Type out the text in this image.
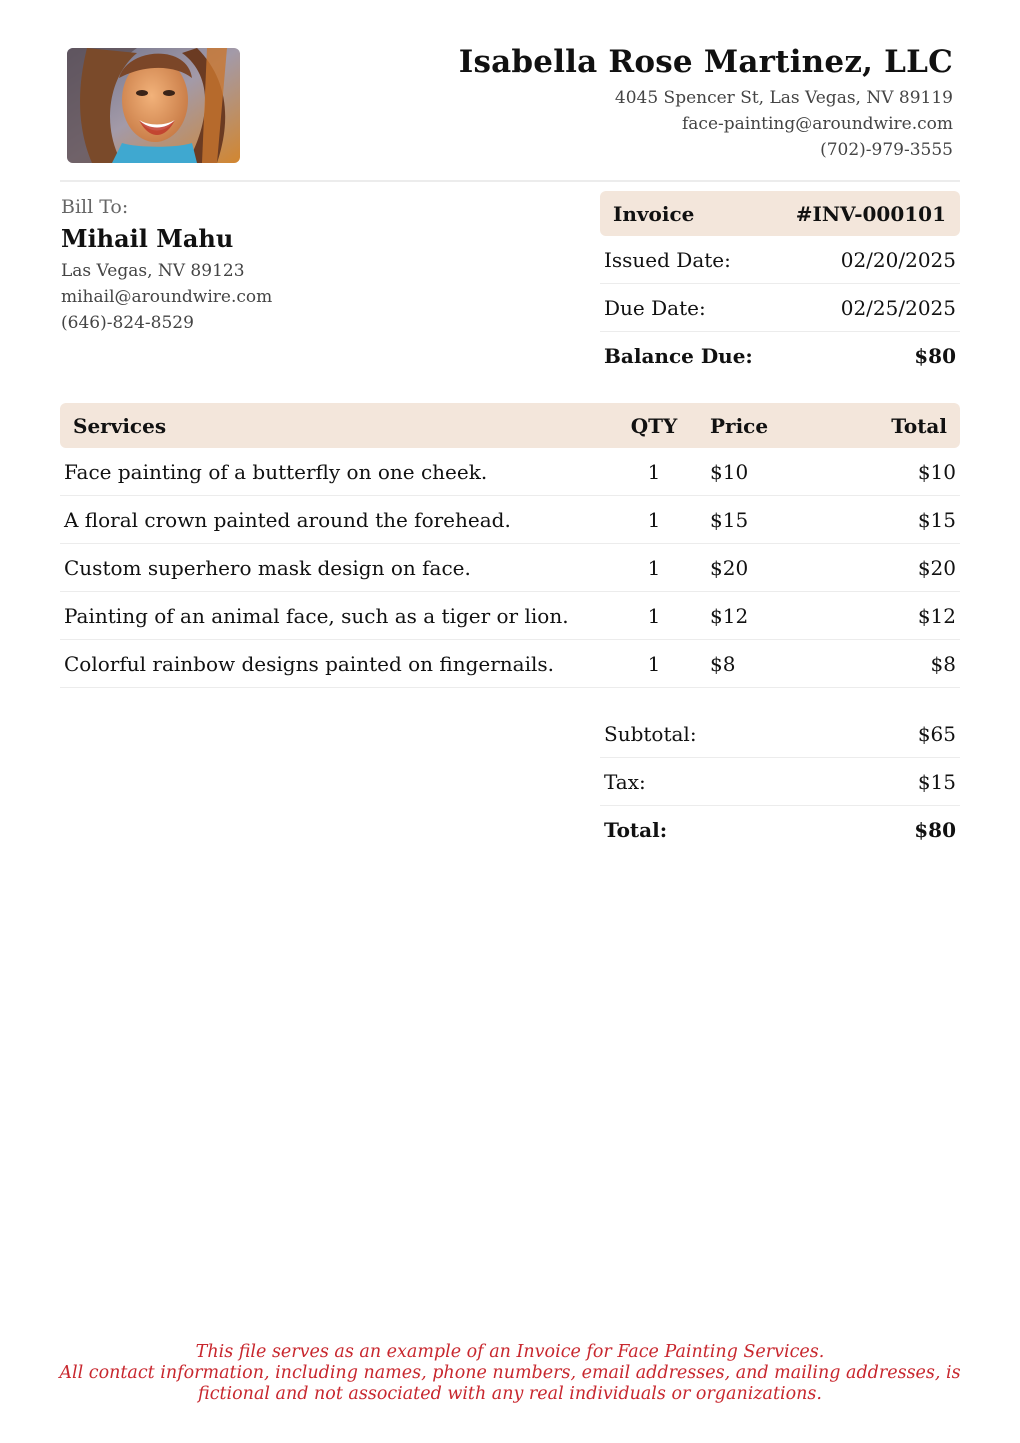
Isabella Rose Martinez, LLC
4045 Spencer St, Las Vegas, NV 89119
face-painting@aroundwire.com
(702)-979-3555
Bill To:
Mihail Mahu
Las Vegas, NV 89123
mihail@aroundwire.com
(646)-824-8529
Invoice	#INV-000101
Issued Date:	02/20/2025
Due Date:	02/25/2025
Balance Due:	$80
Services	QTY	Price	Total
Face painting of a butterfly on one cheek.	1	$10	$10
A floral crown painted around the forehead.	1	$15	$15
Custom superhero mask design on face.	1	$20	$20
Painting of an animal face, such as a tiger or lion.	1	$12	$12
Colorful rainbow designs painted on fingernails.	1	$8	$8
Subtotal:	$65
Tax:	$15
Total:	$80
This file serves as an example of an Invoice for Face Painting Services.
All contact information, including names, phone numbers, email addresses, and mailing addresses, is
fictional and not associated with any real individuals or organizations.
